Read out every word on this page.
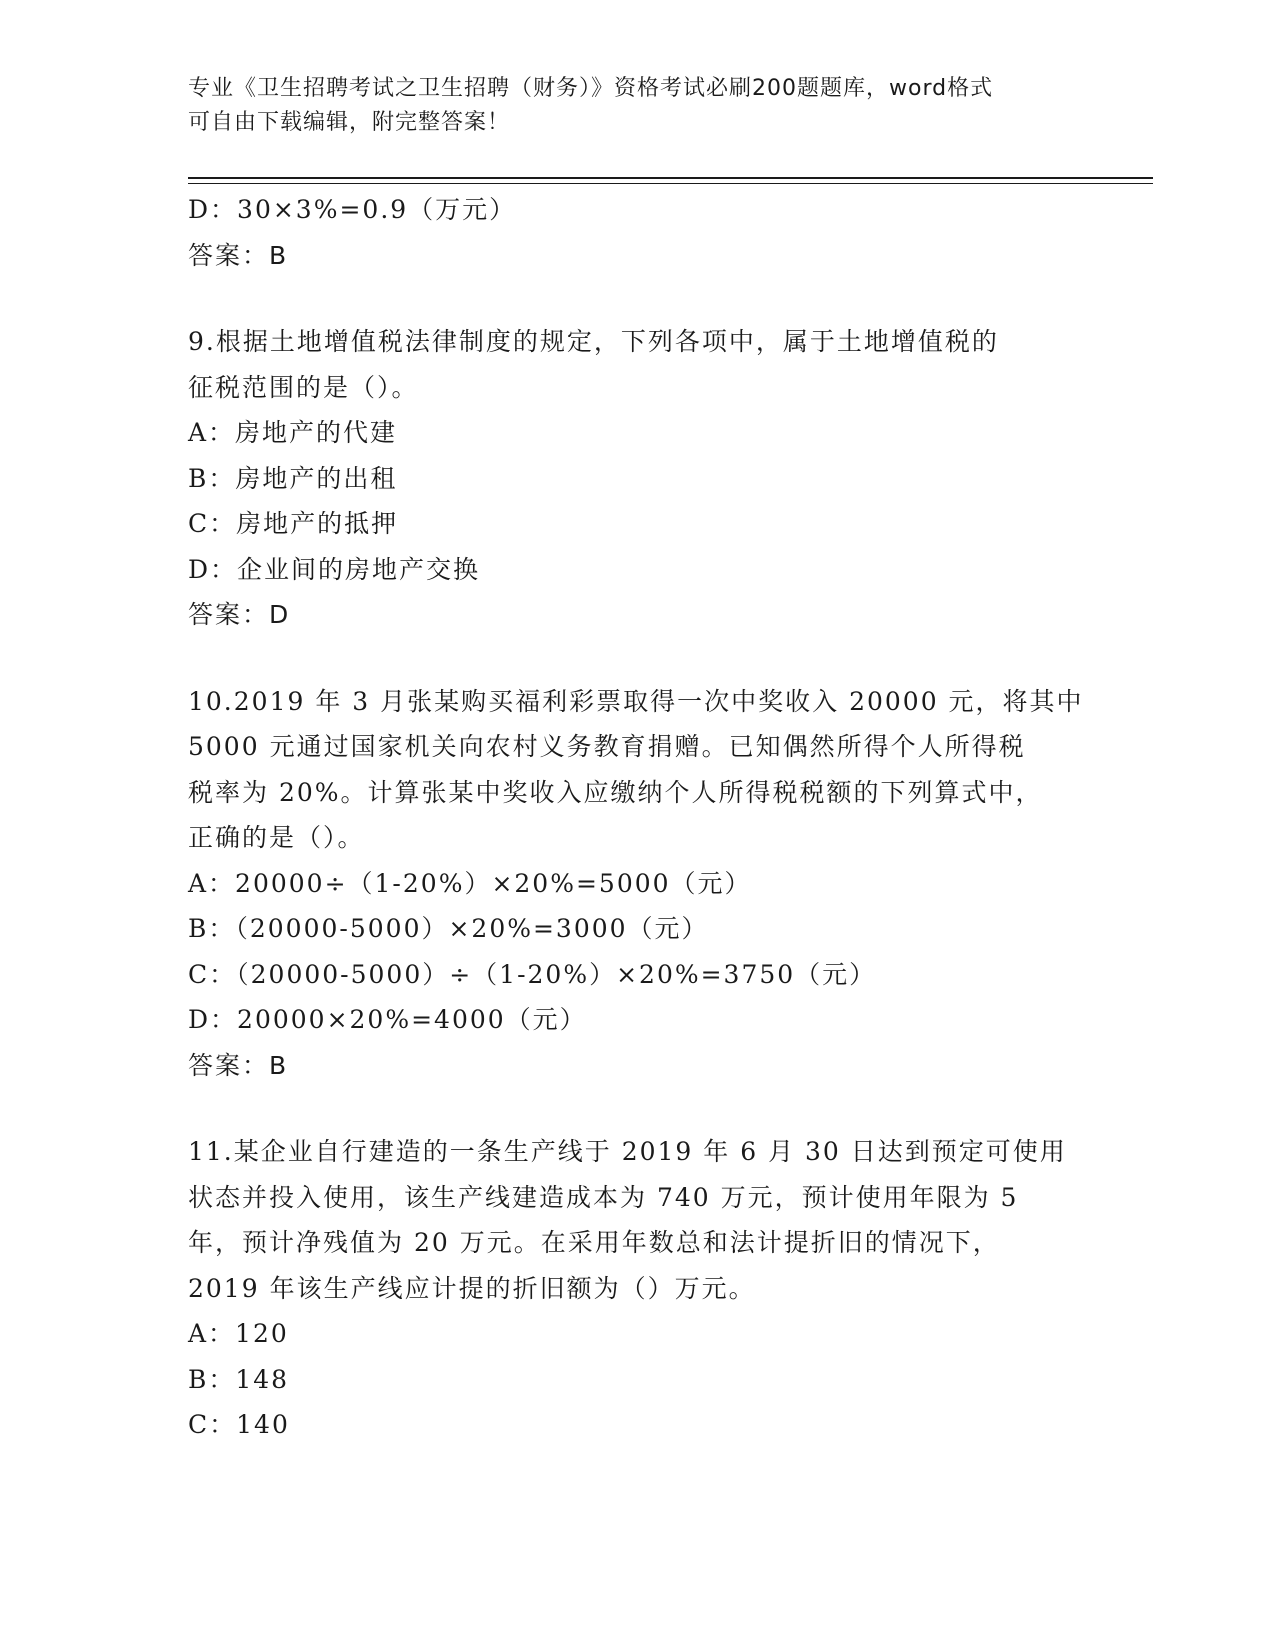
专业《卫生招聘考试之卫生招聘（财务）》资格考试必刷200题题库，word格式
可自由下载编辑，附完整答案！
D：30×3%=0.9（万元）
答案：B
9.根据土地增值税法律制度的规定，下列各项中，属于土地增值税的
征税范围的是（）。
A：房地产的代建
B：房地产的出租
C：房地产的抵押
D：企业间的房地产交换
答案：D
10.2019 年 3 月张某购买福利彩票取得一次中奖收入 20000 元，将其中
5000 元通过国家机关向农村义务教育捐赠。已知偶然所得个人所得税
税率为 20%。计算张某中奖收入应缴纳个人所得税税额的下列算式中，
正确的是（）。
A：20000÷（1-20%）×20%=5000（元）
B：（20000-5000）×20%=3000（元）
C：（20000-5000）÷（1-20%）×20%=3750（元）
D：20000×20%=4000（元）
答案：B
11.某企业自行建造的一条生产线于 2019 年 6 月 30 日达到预定可使用
状态并投入使用，该生产线建造成本为 740 万元，预计使用年限为 5
年，预计净残值为 20 万元。在采用年数总和法计提折旧的情况下，
2019 年该生产线应计提的折旧额为（）万元。
A：120
B：148
C：140
